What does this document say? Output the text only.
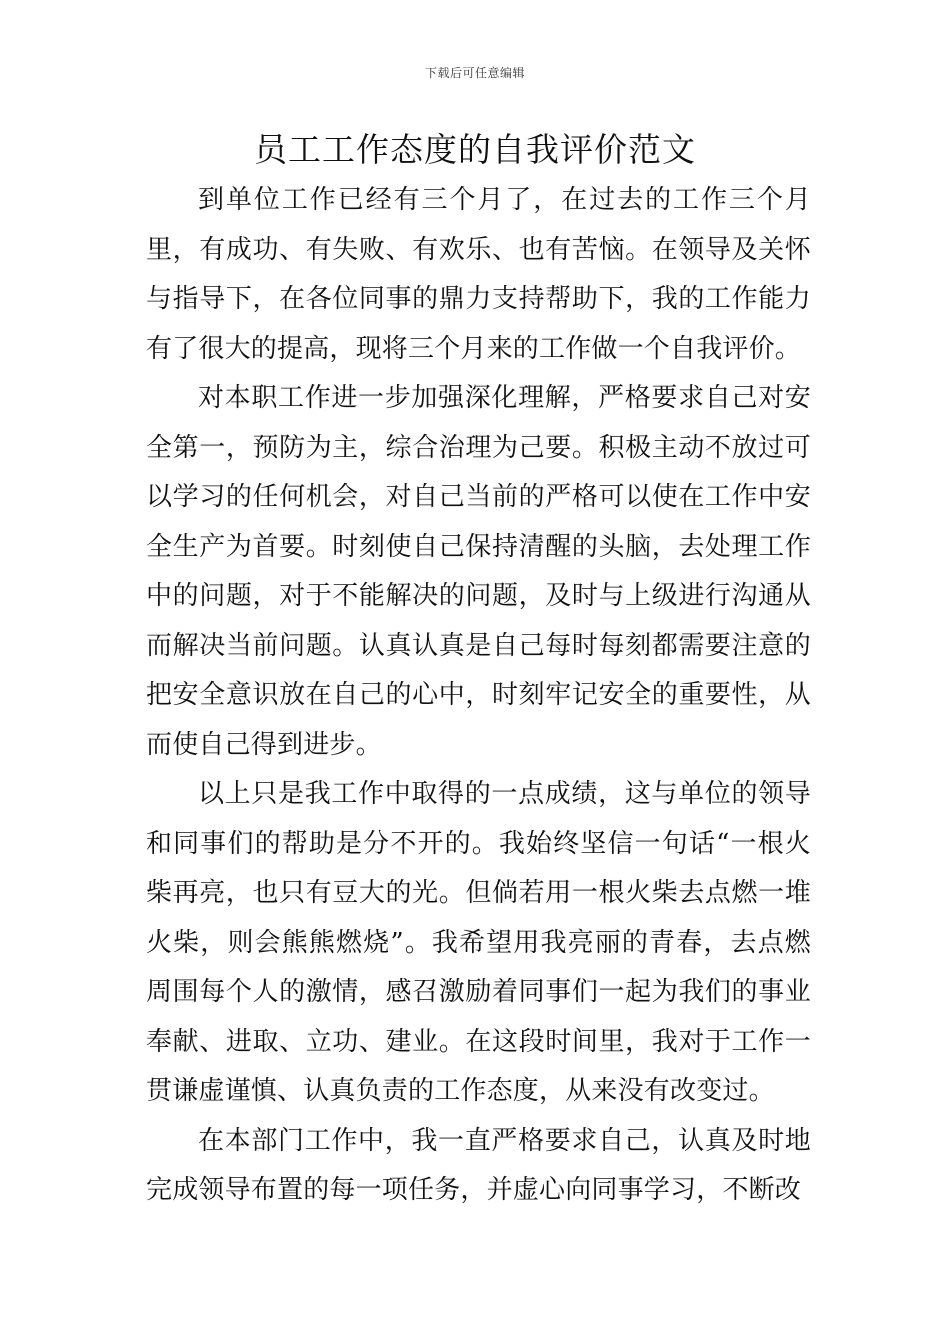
下载后可任意编辑
员工工作态度的自我评价范文

到单位工作已经有三个月了，在过去的工作三个月里，有成功、有失败、有欢乐、也有苦恼。在领导及关怀与指导下，在各位同事的鼎力支持帮助下，我的工作能力有了很大的提高，现将三个月来的工作做一个自我评价。

对本职工作进一步加强深化理解，严格要求自己对安全第一，预防为主，综合治理为己要。积极主动不放过可以学习的任何机会，对自己当前的严格可以使在工作中安全生产为首要。时刻使自己保持清醒的头脑，去处理工作中的问题，对于不能解决的问题，及时与上级进行沟通从而解决当前问题。认真认真是自己每时每刻都需要注意的把安全意识放在自己的心中，时刻牢记安全的重要性，从而使自己得到进步。

以上只是我工作中取得的一点成绩，这与单位的领导和同事们的帮助是分不开的。我始终坚信一句话“一根火柴再亮，也只有豆大的光。但倘若用一根火柴去点燃一堆火柴，则会熊熊燃烧”。我希望用我亮丽的青春，去点燃周围每个人的激情，感召激励着同事们一起为我们的事业奉献、进取、立功、建业。在这段时间里，我对于工作一贯谦虚谨慎、认真负责的工作态度，从来没有改变过。

在本部门工作中，我一直严格要求自己，认真及时地完成领导布置的每一项任务，并虚心向同事学习，不断改
